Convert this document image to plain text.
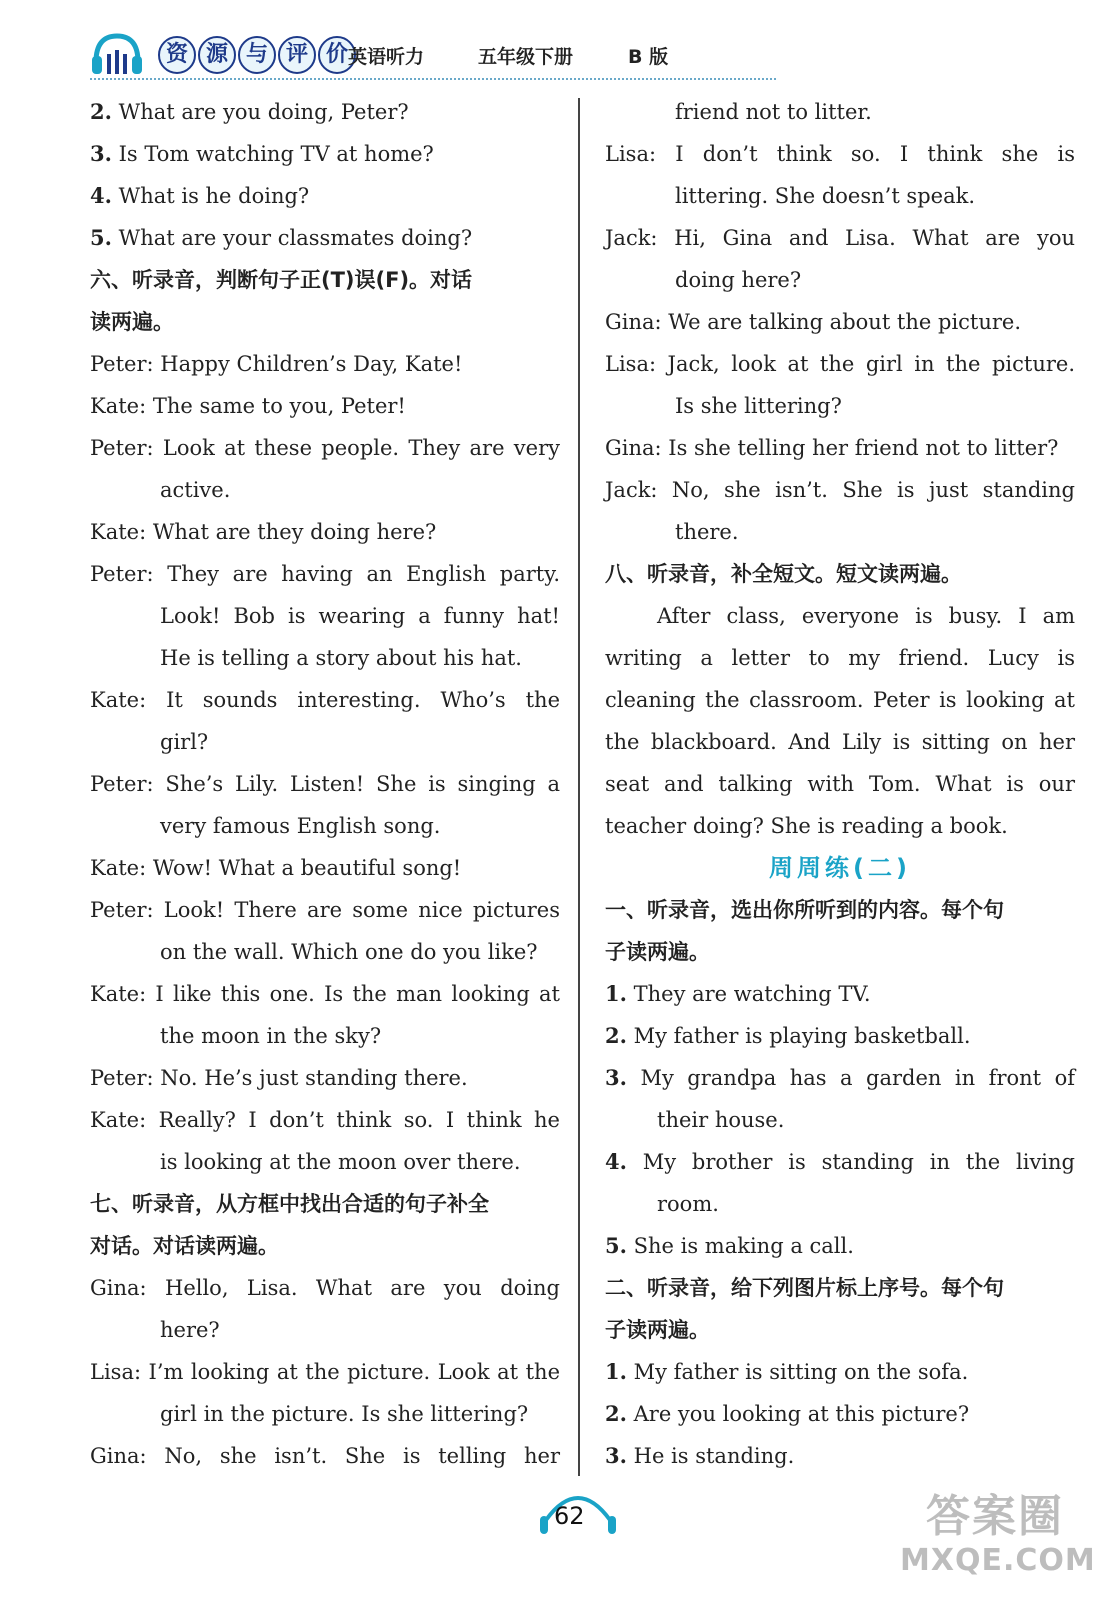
资 源 与 评 价 英语听力	五年级下册	B 版
2. What are you doing, Peter?
3. Is Tom watching TV at home?
4. What is he doing?
5. What are your classmates doing?
六、听录音，判断句子正(T)误(F)。对话
读两遍。
Peter: Happy Children’s Day, Kate!
Kate: The same to you, Peter!
Peter: Look at these people. They are very
active.
Kate: What are they doing here?
Peter: They are having an English party.
Look! Bob is wearing a funny hat!
He is telling a story about his hat.
Kate: It sounds interesting. Who’s the
girl?
Peter: She’s Lily. Listen! She is singing a
very famous English song.
Kate: Wow! What a beautiful song!
Peter: Look! There are some nice pictures
on the wall. Which one do you like?
Kate: I like this one. Is the man looking at
the moon in the sky?
Peter: No. He’s just standing there.
Kate: Really? I don’t think so. I think he
is looking at the moon over there.
七、听录音，从方框中找出合适的句子补全
对话。对话读两遍。
Gina: Hello, Lisa. What are you doing
here?
Lisa: I’m looking at the picture. Look at the
girl in the picture. Is she littering?
Gina: No, she isn’t. She is telling her
friend not to litter.
Lisa: I don’t think so. I think she is
littering. She doesn’t speak.
Jack: Hi, Gina and Lisa. What are you
doing here?
Gina: We are talking about the picture.
Lisa: Jack, look at the girl in the picture.
Is she littering?
Gina: Is she telling her friend not to litter?
Jack: No, she isn’t. She is just standing
there.
八、听录音，补全短文。短文读两遍。
After class, everyone is busy. I am
writing a letter to my friend. Lucy is
cleaning the classroom. Peter is looking at
the blackboard. And Lily is sitting on her
seat and talking with Tom. What is our
teacher doing? She is reading a book.
周周练(二)
一、听录音，选出你所听到的内容。每个句
子读两遍。
1. They are watching TV.
2. My father is playing basketball.
3. My grandpa has a garden in front of
their house.
4. My brother is standing in the living
room.
5. She is making a call.
二、听录音，给下列图片标上序号。每个句
子读两遍。
1. My father is sitting on the sofa.
2. Are you looking at this picture?
3. He is standing.
62	答案圈
MXQE.COM
